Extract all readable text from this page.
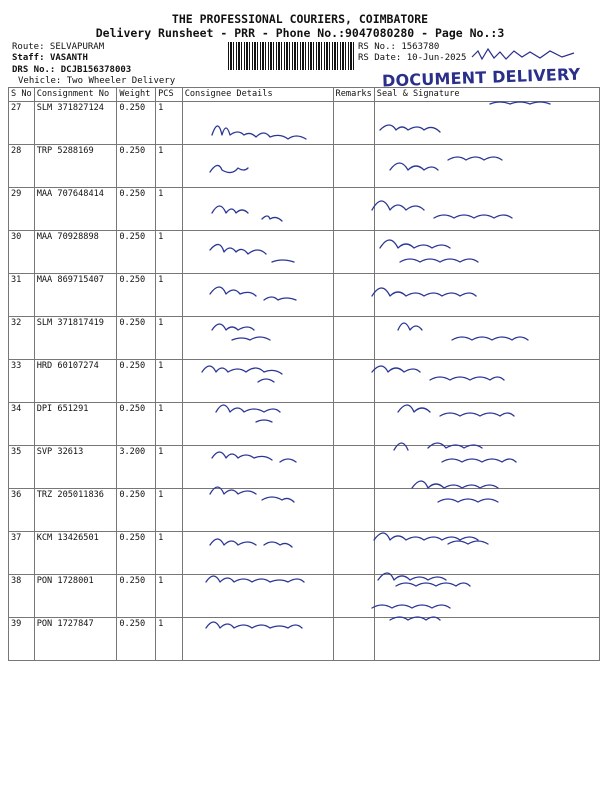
THE PROFESSIONAL COURIERS, COIMBATORE
Delivery Runsheet - PRR - Phone No.:9047080280 - Page No.:3
Route: SELVAPURAM
Staff: VASANTH
DRS No.: DCJB156378003
Vehicle: Two Wheeler Delivery
RS No.: 1563780
RS Date: 10-Jun-2025
DOCUMENT DELIVERY
S No	Consignment No	Weight	PCS	Consignee Details	Remarks	Seal & Signature
27	SLM 371827124	0.250	1			
28	TRP 5288169	0.250	1			
29	MAA 707648414	0.250	1			
30	MAA 70928898	0.250	1			
31	MAA 869715407	0.250	1			
32	SLM 371817419	0.250	1			
33	HRD 60107274	0.250	1			
34	DPI 651291	0.250	1			
35	SVP 32613	3.200	1			
36	TRZ 205011836	0.250	1			
37	KCM 13426501	0.250	1			
38	PON 1728001	0.250	1			
39	PON 1727847	0.250	1			
